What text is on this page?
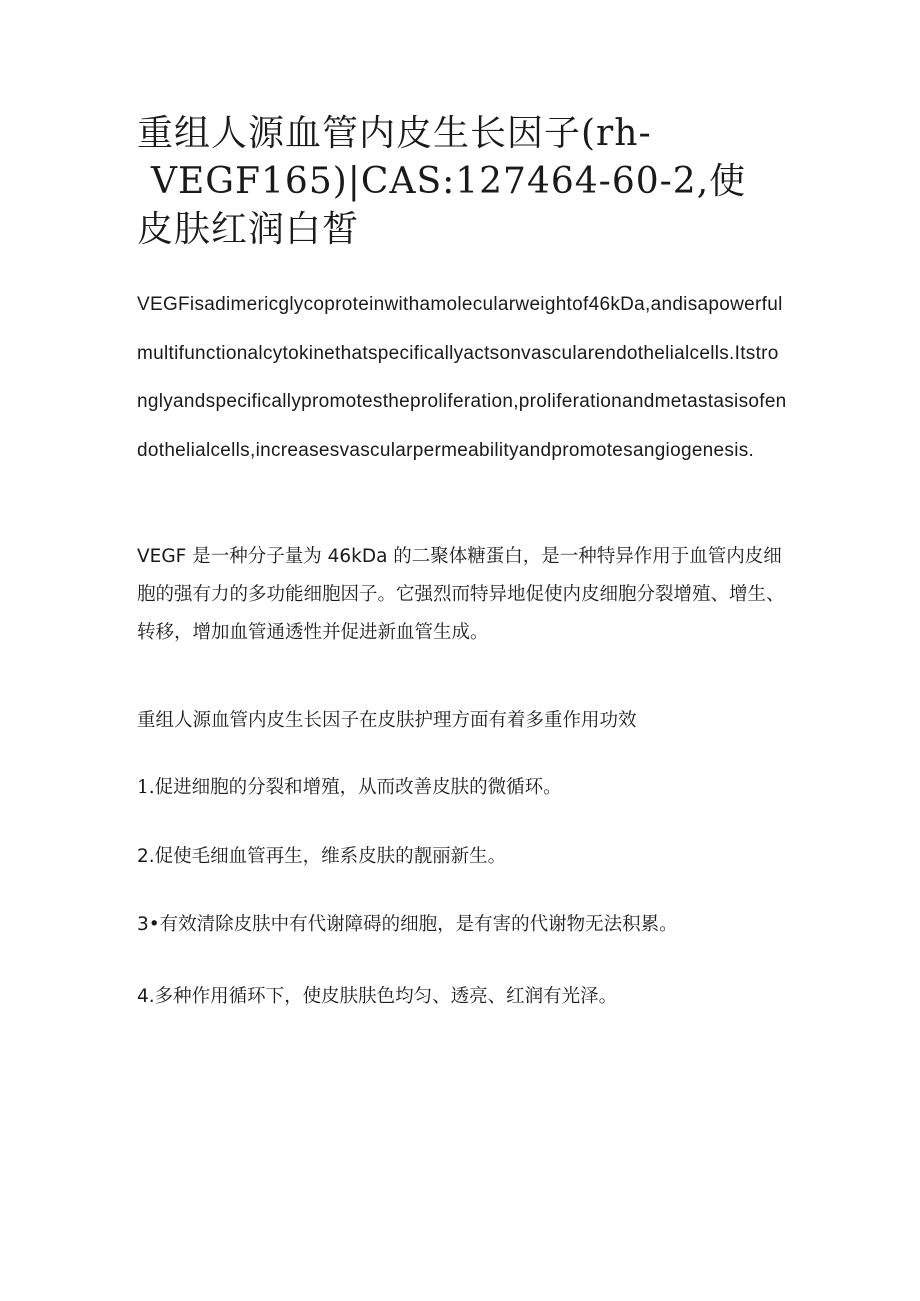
重组人源血管内皮生长因子(rh-
VEGF165)|CAS:127464-60-2,使
皮肤红润白皙

VEGFisadimericglycoproteinwithamolecularweightof46kDa,andisapowerfulmultifunctionalcytokinethatspecificallyactsonvascularendothelialcells.Itstronglyandspecificallypromotestheproliferation,proliferationandmetastasisofendothelialcells,increasesvascularpermeabilityandpromotesangiogenesis.

VEGF 是一种分子量为 46kDa 的二聚体糖蛋白，是一种特异作用于血管内皮细胞的强有力的多功能细胞因子。它强烈而特异地促使内皮细胞分裂增殖、增生、转移，增加血管通透性并促进新血管生成。

重组人源血管内皮生长因子在皮肤护理方面有着多重作用功效

1.促进细胞的分裂和增殖，从而改善皮肤的微循环。

2.促使毛细血管再生，维系皮肤的靓丽新生。

3•有效清除皮肤中有代谢障碍的细胞，是有害的代谢物无法积累。

4.多种作用循环下，使皮肤肤色均匀、透亮、红润有光泽。
